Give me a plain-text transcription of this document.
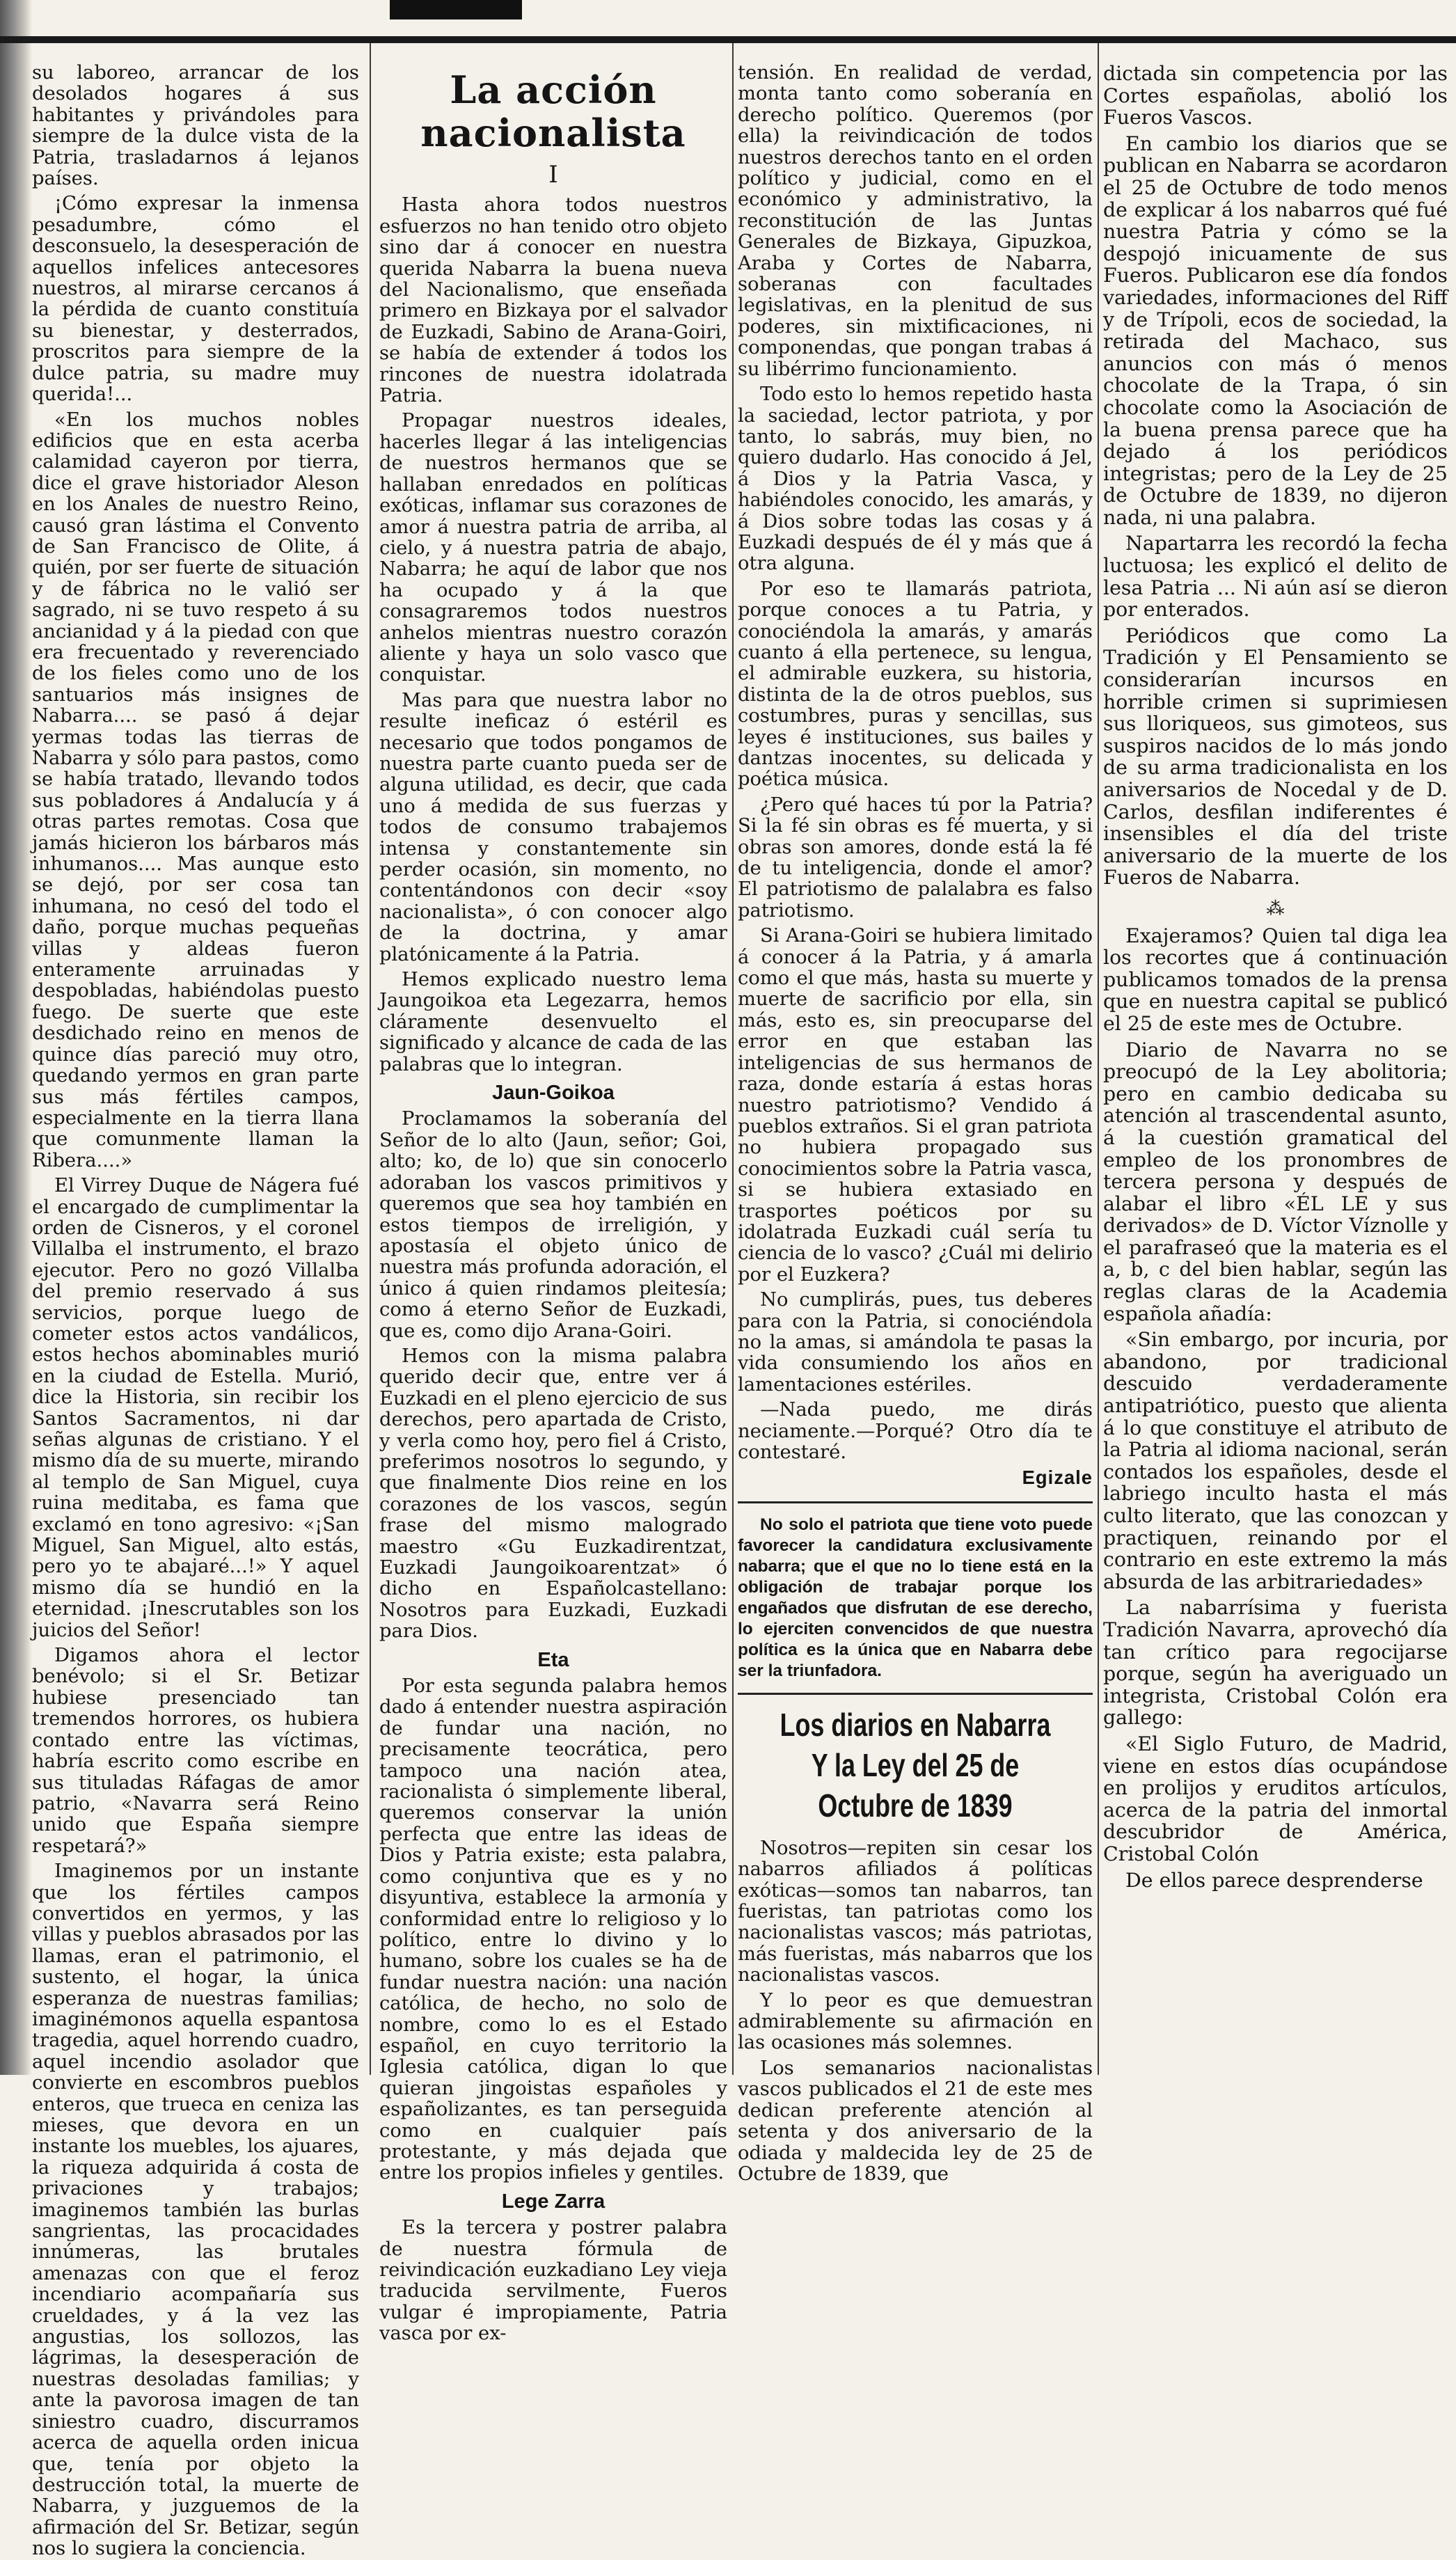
su laboreo, arrancar de los desolados hogares á sus habitantes y privándoles para siempre de la dulce vista de la Patria, trasladarnos á lejanos países.

¡Cómo expresar la inmensa pesadumbre, cómo el desconsuelo, la desesperación de aquellos infelices antecesores nuestros, al mirarse cercanos á la pérdida de cuanto constituía su bienestar, y desterrados, proscritos para siempre de la dulce patria, su madre muy querida!...

«En los muchos nobles edificios que en esta acerba calamidad cayeron por tierra, dice el grave historiador Aleson en los Anales de nuestro Reino, causó gran lástima el Convento de San Francisco de Olite, á quién, por ser fuerte de situación y de fábrica no le valió ser sagrado, ni se tuvo respeto á su ancianidad y á la piedad con que era frecuentado y reverenciado de los fieles como uno de los santuarios más insignes de Nabarra.... se pasó á dejar yermas todas las tierras de Nabarra y sólo para pastos, como se había tratado, llevando todos sus pobladores á Andalucía y á otras partes remotas. Cosa que jamás hicieron los bárbaros más inhumanos.... Mas aunque esto se dejó, por ser cosa tan inhumana, no cesó del todo el daño, porque muchas pequeñas villas y aldeas fueron enteramente arruinadas y despobladas, habiéndolas puesto fuego. De suerte que este desdichado reino en menos de quince días pareció muy otro, quedando yermos en gran parte sus más fértiles campos, especialmente en la tierra llana que comunmente llaman la Ribera....»

El Virrey Duque de Nágera fué el encargado de cumplimentar la orden de Cisneros, y el coronel Villalba el instrumento, el brazo ejecutor. Pero no gozó Villalba del premio reservado á sus servicios, porque luego de cometer estos actos vandálicos, estos hechos abominables murió en la ciudad de Estella. Murió, dice la Historia, sin recibir los Santos Sacramentos, ni dar señas algunas de cristiano. Y el mismo día de su muerte, mirando al templo de San Miguel, cuya ruina meditaba, es fama que exclamó en tono agresivo: «¡San Miguel, San Miguel, alto estás, pero yo te abajaré...!» Y aquel mismo día se hundió en la eternidad. ¡Inescrutables son los juicios del Señor!

Digamos ahora el lector benévolo; si el Sr. Betizar hubiese presenciado tan tremendos horrores, os hubiera contado entre las víctimas, habría escrito como escribe en sus tituladas Ráfagas de amor patrio, «Navarra será Reino unido que España siempre respetará?»

Imaginemos por un instante que los fértiles campos convertidos en yermos, y las villas y pueblos abrasados por las llamas, eran el patrimonio, el sustento, el hogar, la única esperanza de nuestras familias; imaginémonos aquella espantosa tragedia, aquel horrendo cuadro, aquel incendio asolador que convierte en escombros pueblos enteros, que trueca en ceniza las mieses, que devora en un instante los muebles, los ajuares, la riqueza adquirida á costa de privaciones y trabajos; imaginemos también las burlas sangrientas, las procacidades innúmeras, las brutales amenazas con que el feroz incendiario acompañaría sus crueldades, y á la vez las angustias, los sollozos, las lágrimas, la desesperación de nuestras desoladas familias; y ante la pavorosa imagen de tan siniestro cuadro, discurramos acerca de aquella orden inicua que, tenía por objeto la destrucción total, la muerte de Nabarra, y juzguemos de la afirmación del Sr. Betizar, según nos lo sugiera la conciencia.

La acción nacionalista
I

Hasta ahora todos nuestros esfuerzos no han tenido otro objeto sino dar á conocer en nuestra querida Nabarra la buena nueva del Nacionalismo, que enseñada primero en Bizkaya por el salvador de Euzkadi, Sabino de Arana-Goiri, se había de extender á todos los rincones de nuestra idolatrada Patria.

Propagar nuestros ideales, hacerles llegar á las inteligencias de nuestros hermanos que se hallaban enredados en políticas exóticas, inflamar sus corazones de amor á nuestra patria de arriba, al cielo, y á nuestra patria de abajo, Nabarra; he aquí de labor que nos ha ocupado y á la que consagraremos todos nuestros anhelos mientras nuestro corazón aliente y haya un solo vasco que conquistar.

Mas para que nuestra labor no resulte ineficaz ó estéril es necesario que todos pongamos de nuestra parte cuanto pueda ser de alguna utilidad, es decir, que cada uno á medida de sus fuerzas y todos de consumo trabajemos intensa y constantemente sin perder ocasión, sin momento, no contentándonos con decir «soy nacionalista», ó con conocer algo de la doctrina, y amar platónicamente á la Patria.

Hemos explicado nuestro lema Jaungoikoa eta Legezarra, hemos cláramente desenvuelto el significado y alcance de cada de las palabras que lo integran.

Jaun-Goikoa

Proclamamos la soberanía del Señor de lo alto (Jaun, señor; Goi, alto; ko, de lo) que sin conocerlo adoraban los vascos primitivos y queremos que sea hoy también en estos tiempos de irreligión, y apostasía el objeto único de nuestra más profunda adoración, el único á quien rindamos pleitesía; como á eterno Señor de Euzkadi, que es, como dijo Arana-Goiri.

Hemos con la misma palabra querido decir que, entre ver á Euzkadi en el pleno ejercicio de sus derechos, pero apartada de Cristo, y verla como hoy, pero fiel á Cristo, preferimos nosotros lo segundo, y que finalmente Dios reine en los corazones de los vascos, según frase del mismo malogrado maestro «Gu Euzkadirentzat, Euzkadi Jaungoikoarentzat» ó dicho en Españolcastellano: Nosotros para Euzkadi, Euzkadi para Dios.

Eta

Por esta segunda palabra hemos dado á entender nuestra aspiración de fundar una nación, no precisamente teocrática, pero tampoco una nación atea, racionalista ó simplemente liberal, queremos conservar la unión perfecta que entre las ideas de Dios y Patria existe; esta palabra, como conjuntiva que es y no disyuntiva, establece la armonía y conformidad entre lo religioso y lo político, entre lo divino y lo humano, sobre los cuales se ha de fundar nuestra nación: una nación católica, de hecho, no solo de nombre, como lo es el Estado español, en cuyo territorio la Iglesia católica, digan lo que quieran jingoistas españoles y españolizantes, es tan perseguida como en cualquier país protestante, y más dejada que entre los propios infieles y gentiles.

Lege Zarra

Es la tercera y postrer palabra de nuestra fórmula de reivindicación euzkadiano Ley vieja traducida servilmente, Fueros vulgar é impropiamente, Patria vasca por ex-

tensión. En realidad de verdad, monta tanto como soberanía en derecho político. Queremos (por ella) la reivindicación de todos nuestros derechos tanto en el orden político y judicial, como en el económico y administrativo, la reconstitución de las Juntas Generales de Bizkaya, Gipuzkoa, Araba y Cortes de Nabarra, soberanas con facultades legislativas, en la plenitud de sus poderes, sin mixtificaciones, ni componendas, que pongan trabas á su libérrimo funcionamiento.

Todo esto lo hemos repetido hasta la saciedad, lector patriota, y por tanto, lo sabrás, muy bien, no quiero dudarlo. Has conocido á Jel, á Dios y la Patria Vasca, y habiéndoles conocido, les amarás, y á Dios sobre todas las cosas y á Euzkadi después de él y más que á otra alguna.

Por eso te llamarás patriota, porque conoces a tu Patria, y conociéndola la amarás, y amarás cuanto á ella pertenece, su lengua, el admirable euzkera, su historia, distinta de la de otros pueblos, sus costumbres, puras y sencillas, sus leyes é instituciones, sus bailes y dantzas inocentes, su delicada y poética música.

¿Pero qué haces tú por la Patria? Si la fé sin obras es fé muerta, y si obras son amores, donde está la fé de tu inteligencia, donde el amor? El patriotismo de palalabra es falso patriotismo.

Si Arana-Goiri se hubiera limitado á conocer á la Patria, y á amarla como el que más, hasta su muerte y muerte de sacrificio por ella, sin más, esto es, sin preocuparse del error en que estaban las inteligencias de sus hermanos de raza, donde estaría á estas horas nuestro patriotismo? Vendido á pueblos extraños. Si el gran patriota no hubiera propagado sus conocimientos sobre la Patria vasca, si se hubiera extasiado en trasportes poéticos por su idolatrada Euzkadi cuál sería tu ciencia de lo vasco? ¿Cuál mi delirio por el Euzkera?

No cumplirás, pues, tus deberes para con la Patria, si conociéndola no la amas, si amándola te pasas la vida consumiendo los años en lamentaciones estériles.

—Nada puedo, me dirás neciamente.—Porqué? Otro día te contestaré.

Egizale

No solo el patriota que tiene voto puede favorecer la candidatura exclusivamente nabarra; que el que no lo tiene está en la obligación de trabajar porque los engañados que disfrutan de ese derecho, lo ejerciten convencidos de que nuestra política es la única que en Nabarra debe ser la triunfadora.
Los diarios en Nabarra
Y la Ley del 25 de Octubre de 1839

Nosotros—repiten sin cesar los nabarros afiliados á políticas exóticas—somos tan nabarros, tan fueristas, tan patriotas como los nacionalistas vascos; más patriotas, más fueristas, más nabarros que los nacionalistas vascos.

Y lo peor es que demuestran admirablemente su afirmación en las ocasiones más solemnes.

Los semanarios nacionalistas vascos publicados el 21 de este mes dedican preferente atención al setenta y dos aniversario de la odiada y maldecida ley de 25 de Octubre de 1839, que

dictada sin competencia por las Cortes españolas, abolió los Fueros Vascos.

En cambio los diarios que se publican en Nabarra se acordaron el 25 de Octubre de todo menos de explicar á los nabarros qué fué nuestra Patria y cómo se la despojó inicuamente de sus Fueros. Publicaron ese día fondos variedades, informaciones del Riff y de Trípoli, ecos de sociedad, la retirada del Machaco, sus anuncios con más ó menos chocolate de la Trapa, ó sin chocolate como la Asociación de la buena prensa parece que ha dejado á los periódicos integristas; pero de la Ley de 25 de Octubre de 1839, no dijeron nada, ni una palabra.

Napartarra les recordó la fecha luctuosa; les explicó el delito de lesa Patria ... Ni aún así se dieron por enterados.

Periódicos que como La Tradición y El Pensamiento se considerarían incursos en horrible crimen si suprimiesen sus lloriqueos, sus gimoteos, sus suspiros nacidos de lo más jondo de su arma tradicionalista en los aniversarios de Nocedal y de D. Carlos, desfilan indiferentes é insensibles el día del triste aniversario de la muerte de los Fueros de Nabarra.

⁂

Exajeramos? Quien tal diga lea los recortes que á continuación publicamos tomados de la prensa que en nuestra capital se publicó el 25 de este mes de Octubre.

Diario de Navarra no se preocupó de la Ley abolitoria; pero en cambio dedicaba su atención al trascendental asunto, á la cuestión gramatical del empleo de los pronombres de tercera persona y después de alabar el libro «ÉL LE y sus derivados» de D. Víctor Víznolle y el parafraseó que la materia es el a, b, c del bien hablar, según las reglas claras de la Academia española añadía:

«Sin embargo, por incuria, por abandono, por tradicional descuido verdaderamente antipatriótico, puesto que alienta á lo que constituye el atributo de la Patria al idioma nacional, serán contados los españoles, desde el labriego inculto hasta el más culto literato, que las conozcan y practiquen, reinando por el contrario en este extremo la más absurda de las arbitrariedades»

La nabarrísima y fuerista Tradición Navarra, aprovechó día tan crítico para regocijarse porque, según ha averiguado un integrista, Cristobal Colón era gallego:

«El Siglo Futuro, de Madrid, viene en estos días ocupándose en prolijos y eruditos artículos, acerca de la patria del inmortal descubridor de América, Cristobal Colón

De ellos parece desprenderse
